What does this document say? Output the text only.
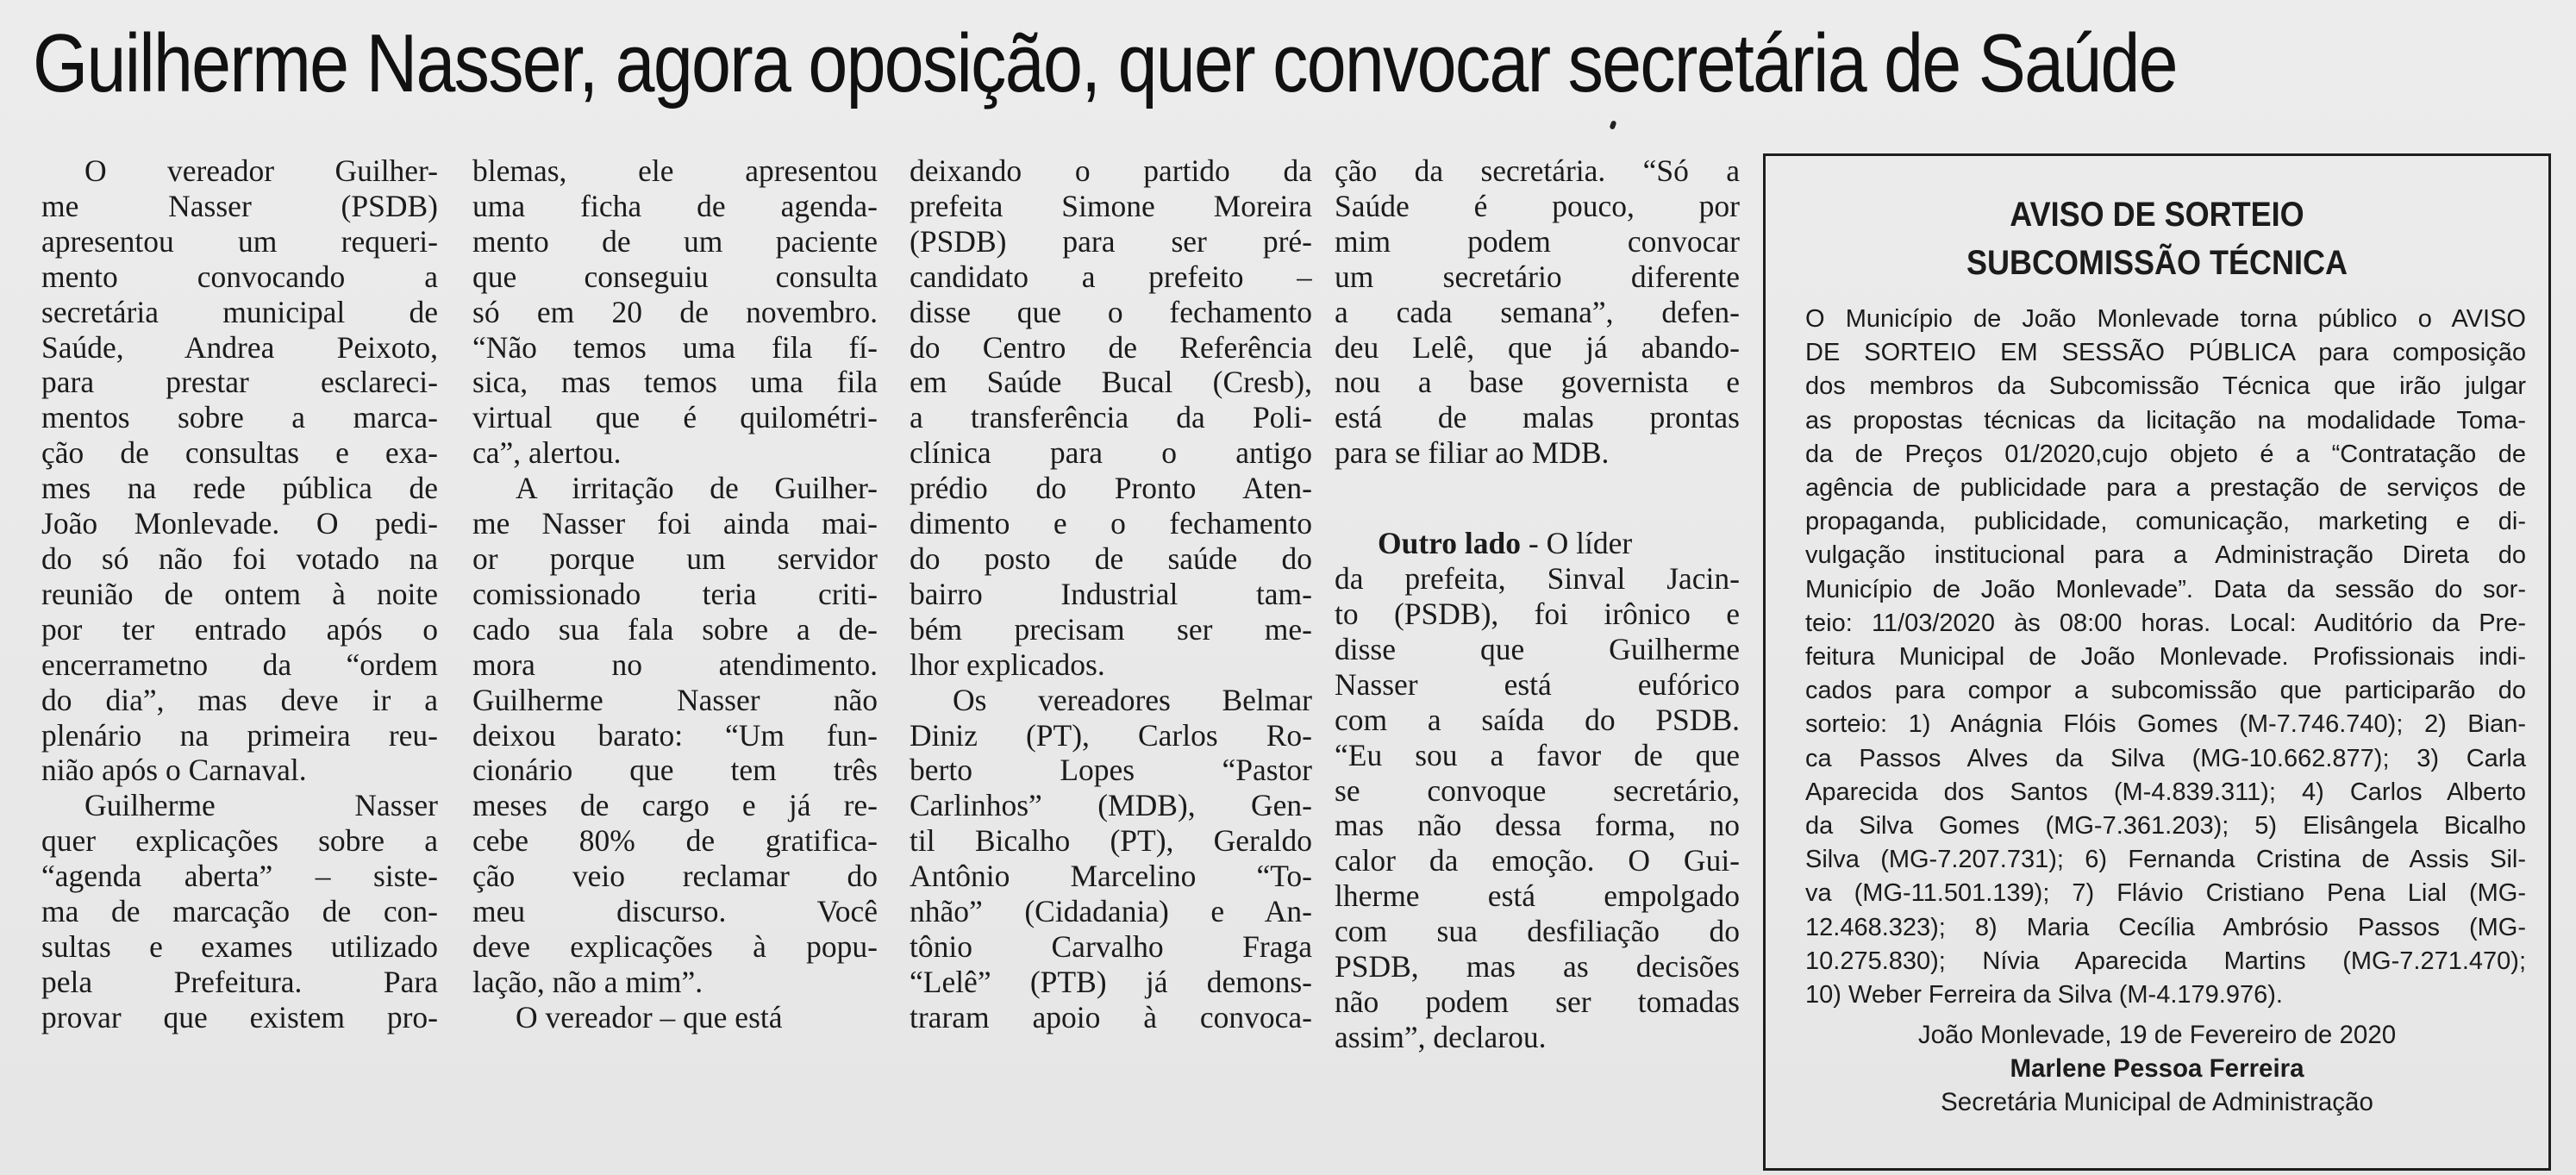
Guilherme Nasser, agora oposição, quer convocar secretária de Saúde
O vereador Guilher-
me Nasser (PSDB)
apresentou um requeri-
mento convocando a
secretária municipal de
Saúde, Andrea Peixoto,
para prestar esclareci-
mentos sobre a marca-
ção de consultas e exa-
mes na rede pública de
João Monlevade. O pedi-
do só não foi votado na
reunião de ontem à noite
por ter entrado após o
encerrametno da “ordem
do dia”, mas deve ir a
plenário na primeira reu-
nião após o Carnaval.
Guilherme Nasser
quer explicações sobre a
“agenda aberta” – siste-
ma de marcação de con-
sultas e exames utilizado
pela Prefeitura. Para
provar que existem pro-
blemas, ele apresentou
uma ficha de agenda-
mento de um paciente
que conseguiu consulta
só em 20 de novembro.
“Não temos uma fila fí-
sica, mas temos uma fila
virtual que é quilométri-
ca”, alertou.
A irritação de Guilher-
me Nasser foi ainda mai-
or porque um servidor
comissionado teria criti-
cado sua fala sobre a de-
mora no atendimento.
Guilherme Nasser não
deixou barato: “Um fun-
cionário que tem três
meses de cargo e já re-
cebe 80% de gratifica-
ção veio reclamar do
meu discurso. Você
deve explicações à popu-
lação, não a mim”.
O vereador – que está
deixando o partido da
prefeita Simone Moreira
(PSDB) para ser pré-
candidato a prefeito –
disse que o fechamento
do Centro de Referência
em Saúde Bucal (Cresb),
a transferência da Poli-
clínica para o antigo
prédio do Pronto Aten-
dimento e o fechamento
do posto de saúde do
bairro Industrial tam-
bém precisam ser me-
lhor explicados.
Os vereadores Belmar
Diniz (PT), Carlos Ro-
berto Lopes “Pastor
Carlinhos” (MDB), Gen-
til Bicalho (PT), Geraldo
Antônio Marcelino “To-
nhão” (Cidadania) e An-
tônio Carvalho Fraga
“Lelê” (PTB) já demons-
traram apoio à convoca-
ção da secretária. “Só a
Saúde é pouco, por
mim podem convocar
um secretário diferente
a cada semana”, defen-
deu Lelê, que já abando-
nou a base governista e
está de malas prontas
para se filiar ao MDB.
Outro lado - O líder
da prefeita, Sinval Jacin-
to (PSDB), foi irônico e
disse que Guilherme
Nasser está eufórico
com a saída do PSDB.
“Eu sou a favor de que
se convoque secretário,
mas não dessa forma, no
calor da emoção. O Gui-
lherme está empolgado
com sua desfiliação do
PSDB, mas as decisões
não podem ser tomadas
assim”, declarou.
AVISO DE SORTEIO
SUBCOMISSÃO TÉCNICA
O Município de João Monlevade torna público o AVISO
DE SORTEIO EM SESSÃO PÚBLICA para composição
dos membros da Subcomissão Técnica que irão julgar
as propostas técnicas da licitação na modalidade Toma-
da de Preços 01/2020,cujo objeto é a “Contratação de
agência de publicidade para a prestação de serviços de
propaganda, publicidade, comunicação, marketing e di-
vulgação institucional para a Administração Direta do
Município de João Monlevade”. Data da sessão do sor-
teio: 11/03/2020 às 08:00 horas. Local: Auditório da Pre-
feitura Municipal de João Monlevade. Profissionais indi-
cados para compor a subcomissão que participarão do
sorteio: 1) Anágnia Flóis Gomes (M-7.746.740); 2) Bian-
ca Passos Alves da Silva (MG-10.662.877); 3) Carla
Aparecida dos Santos (M-4.839.311); 4) Carlos Alberto
da Silva Gomes (MG-7.361.203); 5) Elisângela Bicalho
Silva (MG-7.207.731); 6) Fernanda Cristina de Assis Sil-
va (MG-11.501.139); 7) Flávio Cristiano Pena Lial (MG-
12.468.323); 8) Maria Cecília Ambrósio Passos (MG-
10.275.830); Nívia Aparecida Martins (MG-7.271.470);
10) Weber Ferreira da Silva (M-4.179.976).
João Monlevade, 19 de Fevereiro de 2020
Marlene Pessoa Ferreira
Secretária Municipal de Administração
